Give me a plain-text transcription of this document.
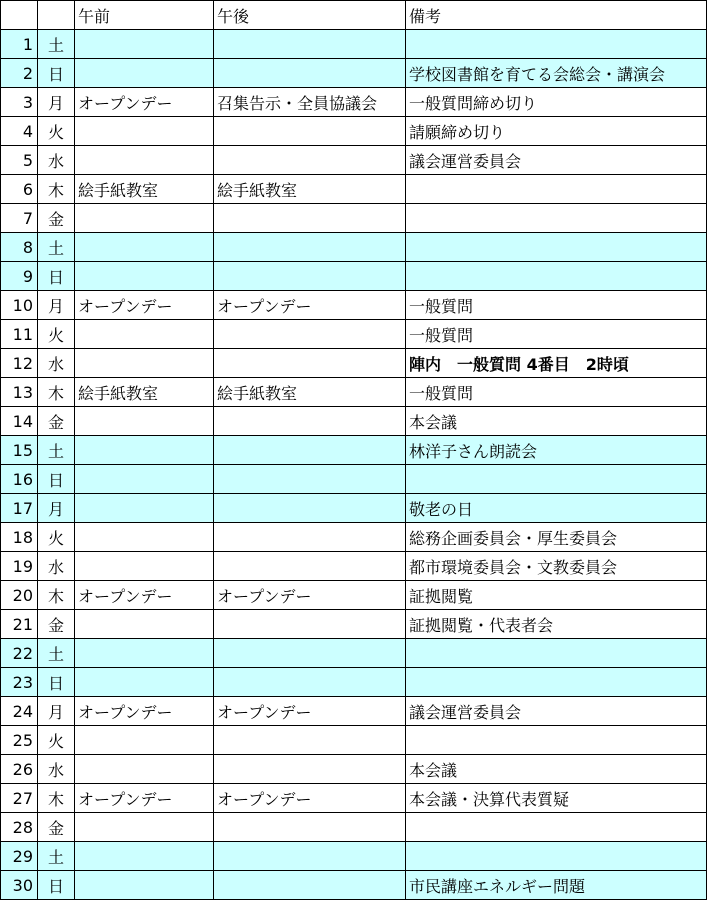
		午前	午後	備考
1	土			
2	日			学校図書館を育てる会総会・講演会
3	月	オープンデー	召集告示・全員協議会	一般質問締め切り
4	火			請願締め切り
5	水			議会運営委員会
6	木	絵手紙教室	絵手紙教室	
7	金			
8	土			
9	日			
10	月	オープンデー	オープンデー	一般質問
11	火			一般質問
12	水			陣内　一般質問 4番目　2時頃
13	木	絵手紙教室	絵手紙教室	一般質問
14	金			本会議
15	土			林洋子さん朗読会
16	日			
17	月			敬老の日
18	火			総務企画委員会・厚生委員会
19	水			都市環境委員会・文教委員会
20	木	オープンデー	オープンデー	証拠閲覧
21	金			証拠閲覧・代表者会
22	土			
23	日			
24	月	オープンデー	オープンデー	議会運営委員会
25	火			
26	水			本会議
27	木	オープンデー	オープンデー	本会議・決算代表質疑
28	金			
29	土			
30	日			市民講座エネルギー問題
